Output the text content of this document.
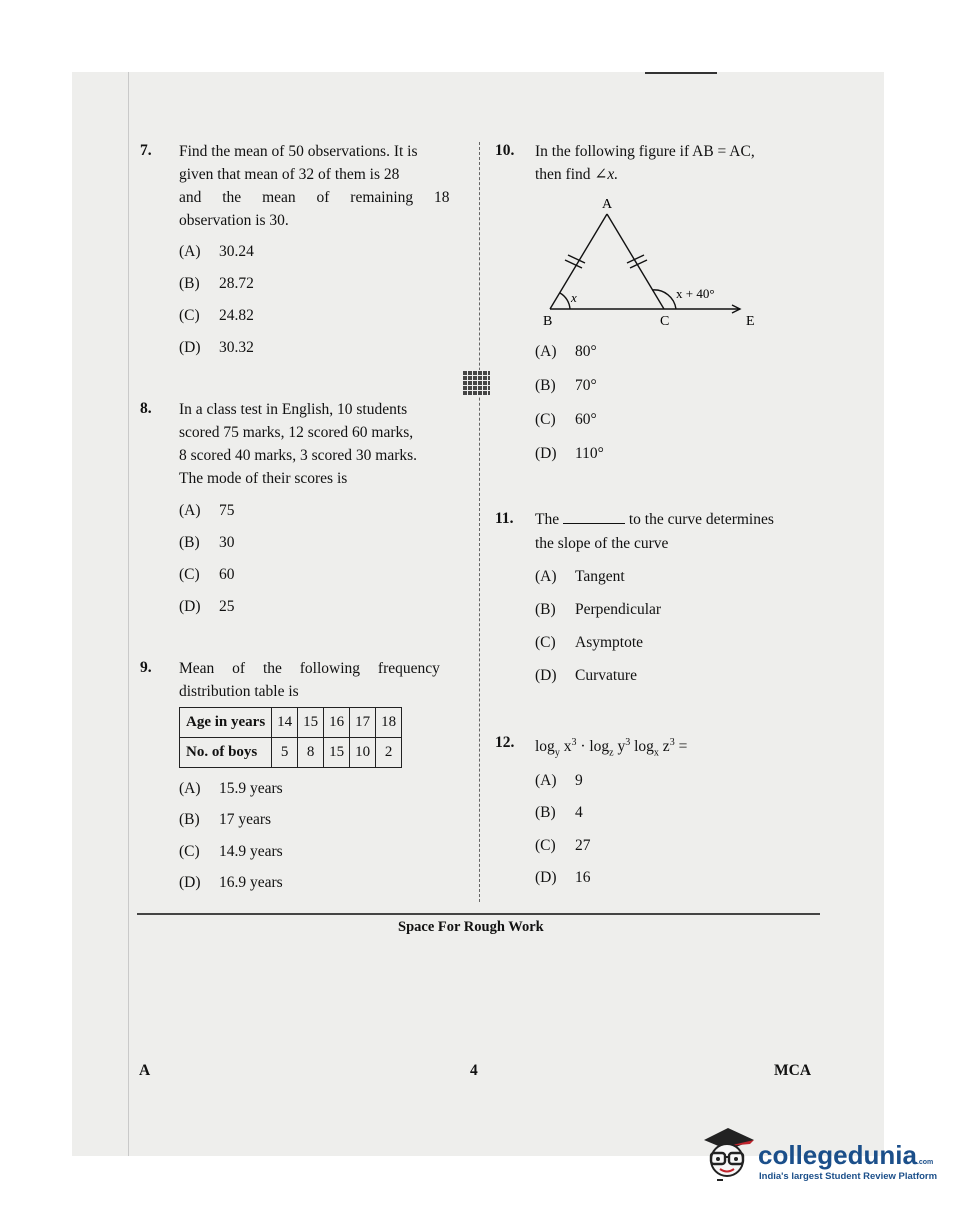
7. Find the mean of 50 observations. It is
given that mean of 32 of them is 28
and the mean of remaining 18
observation is 30.
(A) 30.24
(B) 28.72
(C) 24.82
(D) 30.32
8. In a class test in English, 10 students
scored 75 marks, 12 scored 60 marks,
8 scored 40 marks, 3 scored 30 marks.
The mode of their scores is
(A) 75
(B) 30
(C) 60
(D) 25
9. Mean of the following frequency
distribution table is
Age in years	14	15	16	17	18
No. of boys	5	8	15	10	2
(A) 15.9 years
(B) 17 years
(C) 14.9 years
(D) 16.9 years
10. In the following figure if AB = AC,
then find ∠x.
A
B	C	E
x	x + 40°
(A) 80°
(B) 70°
(C) 60°
(D) 110°
11. The	to the curve determines
the slope of the curve
(A) Tangent
(B) Perpendicular
(C) Asymptote
(D) Curvature
12. $\log_y x^3 \cdot \log_z y^3$ $\log_x z^3$ =
(A) 9
(B) 4
(C) 27
(D) 16
Space For Rough Work
A	4	MCA
collegedunia.com
India's largest Student Review Platform
